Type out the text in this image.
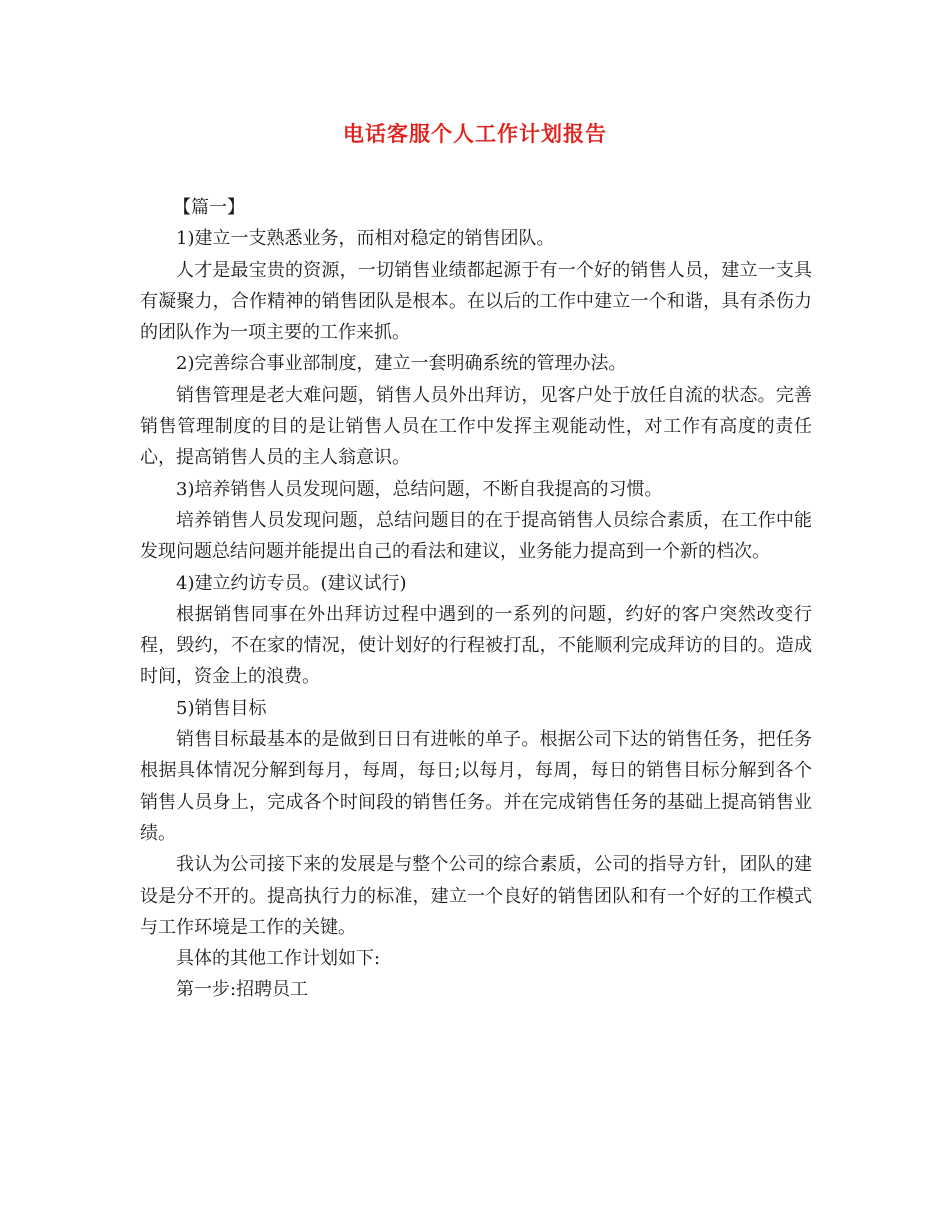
电话客服个人工作计划报告

【篇一】

1)建立一支熟悉业务，而相对稳定的销售团队。

人才是最宝贵的资源，一切销售业绩都起源于有一个好的销售人员，建立一支具有凝聚力，合作精神的销售团队是根本。在以后的工作中建立一个和谐，具有杀伤力的团队作为一项主要的工作来抓。

2)完善综合事业部制度，建立一套明确系统的管理办法。

销售管理是老大难问题，销售人员外出拜访，见客户处于放任自流的状态。完善销售管理制度的目的是让销售人员在工作中发挥主观能动性，对工作有高度的责任心，提高销售人员的主人翁意识。

3)培养销售人员发现问题，总结问题，不断自我提高的习惯。

培养销售人员发现问题，总结问题目的在于提高销售人员综合素质，在工作中能发现问题总结问题并能提出自己的看法和建议，业务能力提高到一个新的档次。

4)建立约访专员。(建议试行)

根据销售同事在外出拜访过程中遇到的一系列的问题，约好的客户突然改变行程，毁约，不在家的情况，使计划好的行程被打乱，不能顺利完成拜访的目的。造成时间，资金上的浪费。

5)销售目标

销售目标最基本的是做到日日有进帐的单子。根据公司下达的销售任务，把任务根据具体情况分解到每月，每周，每日;以每月，每周，每日的销售目标分解到各个销售人员身上，完成各个时间段的销售任务。并在完成销售任务的基础上提高销售业绩。

我认为公司接下来的发展是与整个公司的综合素质，公司的指导方针，团队的建设是分不开的。提高执行力的标准，建立一个良好的销售团队和有一个好的工作模式与工作环境是工作的关键。

具体的其他工作计划如下:

第一步:招聘员工
